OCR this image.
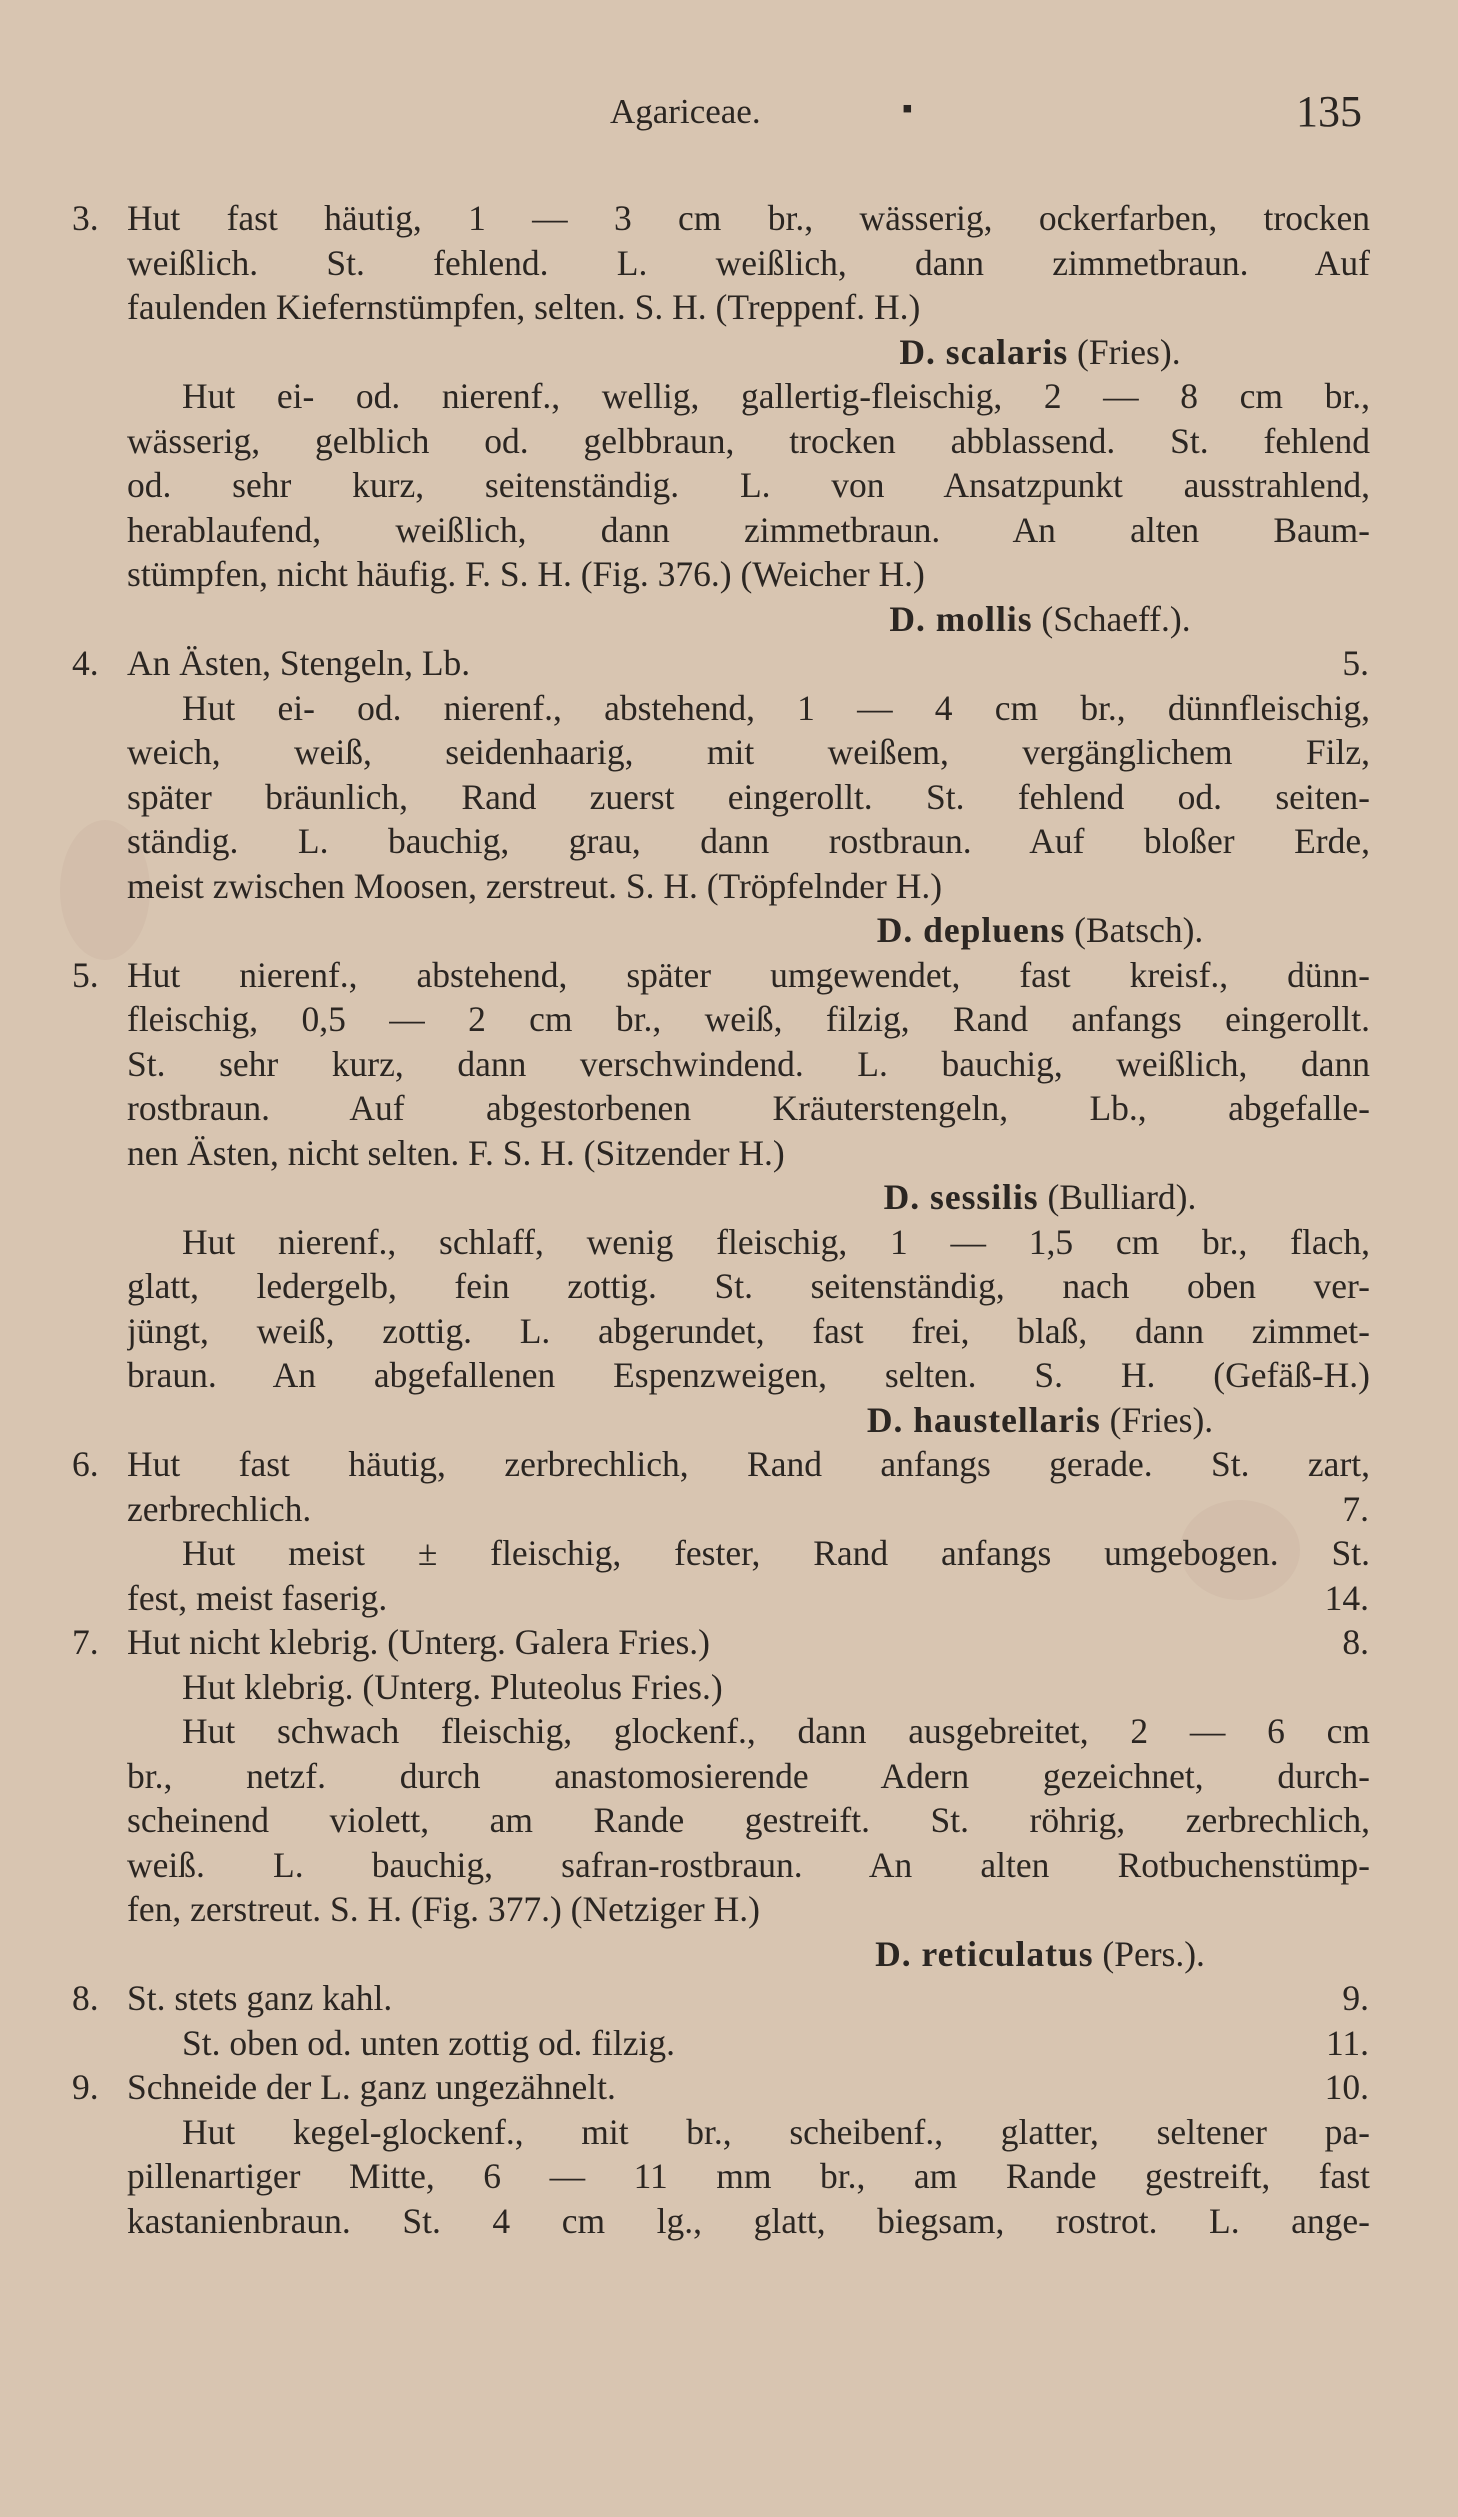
Agariceae.	▪	135
3. Hut fast häutig, 1 — 3 cm br., wässerig, ockerfarben, trocken
weißlich. St. fehlend. L. weißlich, dann zimmetbraun. Auf
faulenden Kiefernstümpfen, selten. S. H. (Treppenf. H.)
D. scalaris (Fries).
Hut ei- od. nierenf., wellig, gallertig-fleischig, 2 — 8 cm br.,
wässerig, gelblich od. gelbbraun, trocken abblassend. St. fehlend
od. sehr kurz, seitenständig. L. von Ansatzpunkt ausstrahlend,
herablaufend, weißlich, dann zimmetbraun. An alten Baum-
stümpfen, nicht häufig. F. S. H. (Fig. 376.) (Weicher H.)
D. mollis (Schaeff.).
4. An Ästen, Stengeln, Lb.	5.
Hut ei- od. nierenf., abstehend, 1 — 4 cm br., dünnfleischig,
weich, weiß, seidenhaarig, mit weißem, vergänglichem Filz,
später bräunlich, Rand zuerst eingerollt. St. fehlend od. seiten-
ständig. L. bauchig, grau, dann rostbraun. Auf bloßer Erde,
meist zwischen Moosen, zerstreut. S. H. (Tröpfelnder H.)
D. depluens (Batsch).
5. Hut nierenf., abstehend, später umgewendet, fast kreisf., dünn-
fleischig, 0,5 — 2 cm br., weiß, filzig, Rand anfangs eingerollt.
St. sehr kurz, dann verschwindend. L. bauchig, weißlich, dann
rostbraun. Auf abgestorbenen Kräuterstengeln, Lb., abgefalle-
nen Ästen, nicht selten. F. S. H. (Sitzender H.)
D. sessilis (Bulliard).
Hut nierenf., schlaff, wenig fleischig, 1 — 1,5 cm br., flach,
glatt, ledergelb, fein zottig. St. seitenständig, nach oben ver-
jüngt, weiß, zottig. L. abgerundet, fast frei, blaß, dann zimmet-
braun. An abgefallenen Espenzweigen, selten. S. H. (Gefäß-H.)
D. haustellaris (Fries).
6. Hut fast häutig, zerbrechlich, Rand anfangs gerade. St. zart,
zerbrechlich.	7.
Hut meist ± fleischig, fester, Rand anfangs umgebogen. St.
fest, meist faserig.	14.
7. Hut nicht klebrig. (Unterg. Galera Fries.)	8.
Hut klebrig. (Unterg. Pluteolus Fries.)
Hut schwach fleischig, glockenf., dann ausgebreitet, 2 — 6 cm
br., netzf. durch anastomosierende Adern gezeichnet, durch-
scheinend violett, am Rande gestreift. St. röhrig, zerbrechlich,
weiß. L. bauchig, safran-rostbraun. An alten Rotbuchenstümp-
fen, zerstreut. S. H. (Fig. 377.) (Netziger H.)
D. reticulatus (Pers.).
8. St. stets ganz kahl.	9.
St. oben od. unten zottig od. filzig.	11.
9. Schneide der L. ganz ungezähnelt.	10.
Hut kegel-glockenf., mit br., scheibenf., glatter, seltener pa-
pillenartiger Mitte, 6 — 11 mm br., am Rande gestreift, fast
kastanienbraun. St. 4 cm lg., glatt, biegsam, rostrot. L. ange-
